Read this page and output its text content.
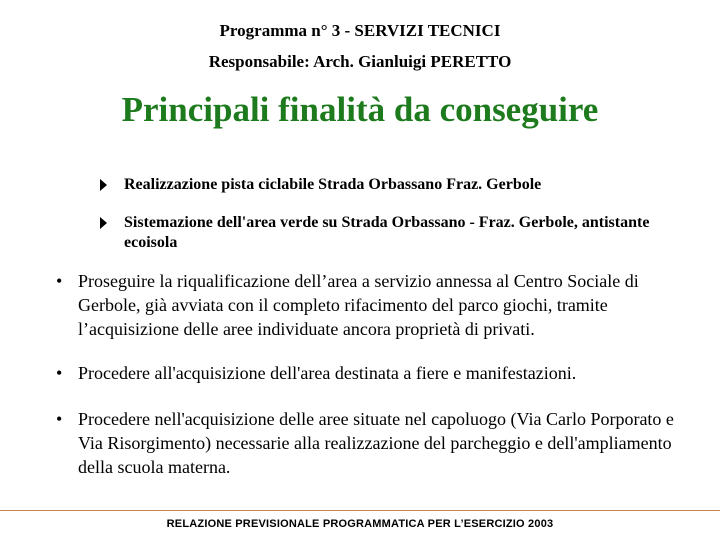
Programma n° 3 - SERVIZI TECNICI
Responsabile: Arch. Gianluigi PERETTO
Principali finalità da conseguire
Realizzazione pista ciclabile Strada Orbassano Fraz. Gerbole
Sistemazione dell'area verde su Strada Orbassano - Fraz. Gerbole, antistante ecoisola
• Proseguire la riqualificazione dell’area a servizio annessa al Centro Sociale di Gerbole, già avviata con il completo rifacimento del parco giochi, tramite l’acquisizione delle aree individuate ancora proprietà di privati.
• Procedere all'acquisizione dell'area destinata a fiere e manifestazioni.
• Procedere nell'acquisizione delle aree situate nel capoluogo (Via Carlo Porporato e Via Risorgimento) necessarie alla realizzazione del parcheggio e dell'ampliamento della scuola materna.
RELAZIONE PREVISIONALE PROGRAMMATICA PER L’ESERCIZIO 2003
